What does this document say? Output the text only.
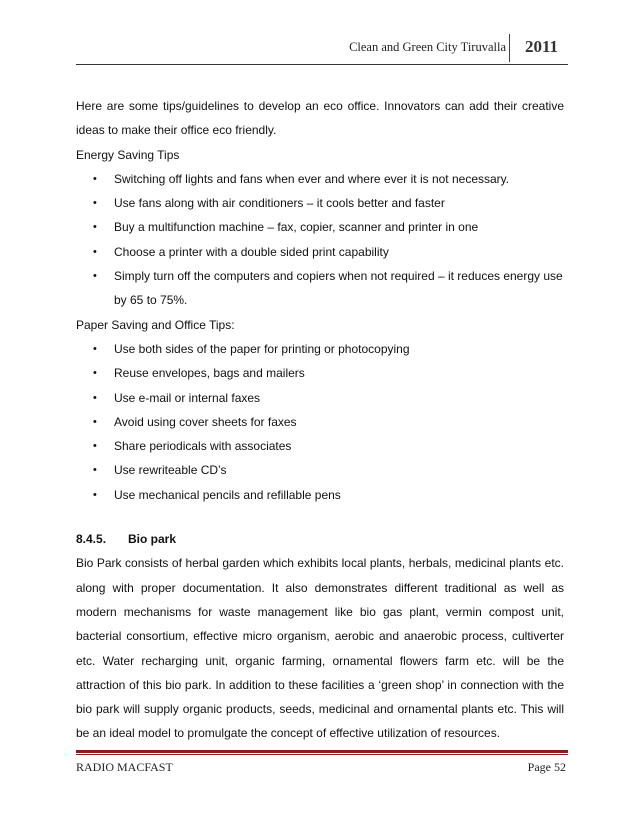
Clean and Green City Tiruvalla 2011

Here are some tips/guidelines to develop an eco office. Innovators can add their creative ideas to make their office eco friendly.

Energy Saving Tips

• Switching off lights and fans when ever and where ever it is not necessary.
• Use fans along with air conditioners – it cools better and faster
• Buy a multifunction machine – fax, copier, scanner and printer in one
• Choose a printer with a double sided print capability
• Simply turn off the computers and copiers when not required – it reduces energy use by 65 to 75%.

Paper Saving and Office Tips:

• Use both sides of the paper for printing or photocopying
• Reuse envelopes, bags and mailers
• Use e-mail or internal faxes
• Avoid using cover sheets for faxes
• Share periodicals with associates
• Use rewriteable CD’s
• Use mechanical pencils and refillable pens

8.4.5. Bio park

Bio Park consists of herbal garden which exhibits local plants, herbals, medicinal plants etc. along with proper documentation. It also demonstrates different traditional as well as modern mechanisms for waste management like bio gas plant, vermin compost unit, bacterial consortium, effective micro organism, aerobic and anaerobic process, cultiverter etc. Water recharging unit, organic farming, ornamental flowers farm etc. will be the attraction of this bio park. In addition to these facilities a ‘green shop’ in connection with the bio park will supply organic products, seeds, medicinal and ornamental plants etc. This will be an ideal model to promulgate the concept of effective utilization of resources.

RADIO MACFAST	Page 52
